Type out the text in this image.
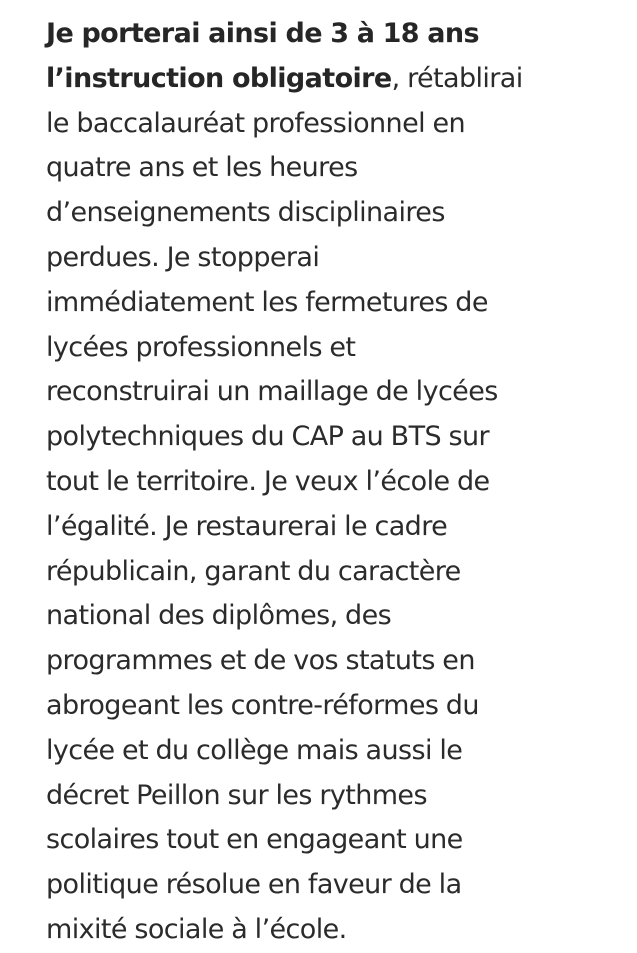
Je porterai ainsi de 3 à 18 ans
l’instruction obligatoire, rétablirai
le baccalauréat professionnel en
quatre ans et les heures
d’enseignements disciplinaires
perdues. Je stopperai
immédiatement les fermetures de
lycées professionnels et
reconstruirai un maillage de lycées
polytechniques du CAP au BTS sur
tout le territoire. Je veux l’école de
l’égalité. Je restaurerai le cadre
républicain, garant du caractère
national des diplômes, des
programmes et de vos statuts en
abrogeant les contre-réformes du
lycée et du collège mais aussi le
décret Peillon sur les rythmes
scolaires tout en engageant une
politique résolue en faveur de la
mixité sociale à l’école.
